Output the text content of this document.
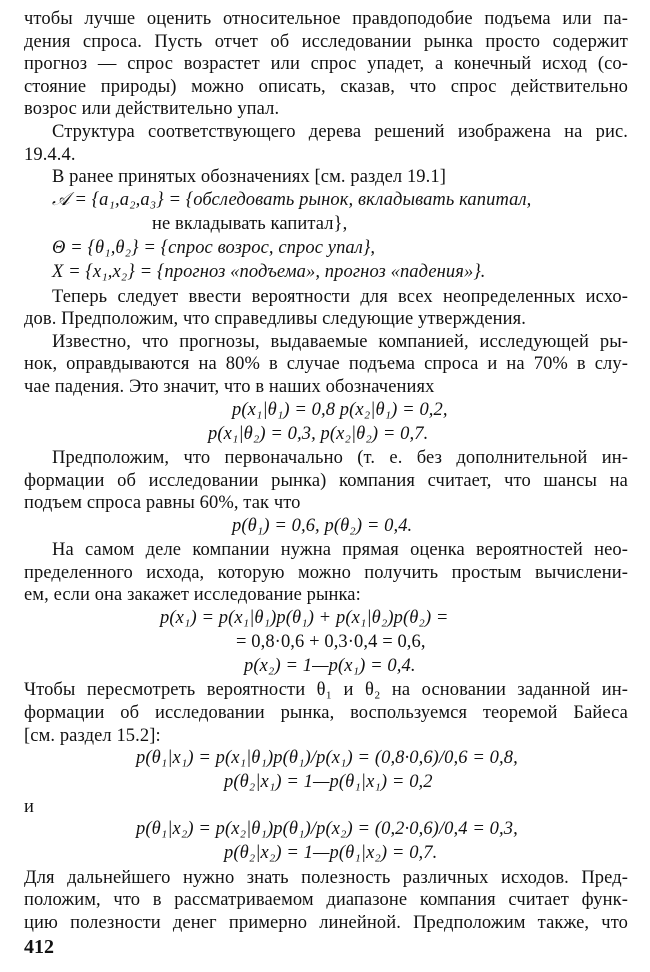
412
чтобы лучше оценить относительное правдоподобие подъема или па-
дения спроса. Пусть отчет об исследовании рынка просто содержит
прогноз — спрос возрастет или спрос упадет, а конечный исход (со-
стояние природы) можно описать, сказав, что спрос действительно
возрос или действительно упал.
Структура соответствующего дерева решений изображена на рис.
19.4.4.
В ранее принятых обозначениях [см. раздел 19.1]
𝒜 = {a₁,a₂,a₃} = {обследовать рынок, вкладывать капитал,
не вкладывать капитал},
Θ = {θ₁,θ₂} = {спрос возрос, спрос упал},
X = {x₁,x₂} = {прогноз «подъема», прогноз «падения»}.
Теперь следует ввести вероятности для всех неопределенных исхо-
дов. Предположим, что справедливы следующие утверждения.
Известно, что прогнозы, выдаваемые компанией, исследующей ры-
нок, оправдываются на 80% в случае подъема спроса и на 70% в слу-
чае падения. Это значит, что в наших обозначениях
p(x₁|θ₁) = 0,8 p(x₂|θ₁) = 0,2,
p(x₁|θ₂) = 0,3, p(x₂|θ₂) = 0,7.
Предположим, что первоначально (т. е. без дополнительной ин-
формации об исследовании рынка) компания считает, что шансы на
подъем спроса равны 60%, так что
p(θ₁) = 0,6, p(θ₂) = 0,4.
На самом деле компании нужна прямая оценка вероятностей нео-
пределенного исхода, которую можно получить простым вычислени-
ем, если она закажет исследование рынка:
p(x₁) = p(x₁|θ₁)p(θ₁) + p(x₁|θ₂)p(θ₂) =
= 0,8·0,6 + 0,3·0,4 = 0,6,
p(x₂) = 1—p(x₁) = 0,4.
Чтобы пересмотреть вероятности θ₁ и θ₂ на основании заданной ин-
формации об исследовании рынка, воспользуемся теоремой Байеса
[см. раздел 15.2]:
p(θ₁|x₁) = p(x₁|θ₁)p(θ₁)/p(x₁) = (0,8·0,6)/0,6 = 0,8,
p(θ₂|x₁) = 1—p(θ₁|x₁) = 0,2
и
p(θ₁|x₂) = p(x₂|θ₁)p(θ₁)/p(x₂) = (0,2·0,6)/0,4 = 0,3,
p(θ₂|x₂) = 1—p(θ₁|x₂) = 0,7.
Для дальнейшего нужно знать полезность различных исходов. Пред-
положим, что в рассматриваемом диапазоне компания считает функ-
цию полезности денег примерно линейной. Предположим также, что
